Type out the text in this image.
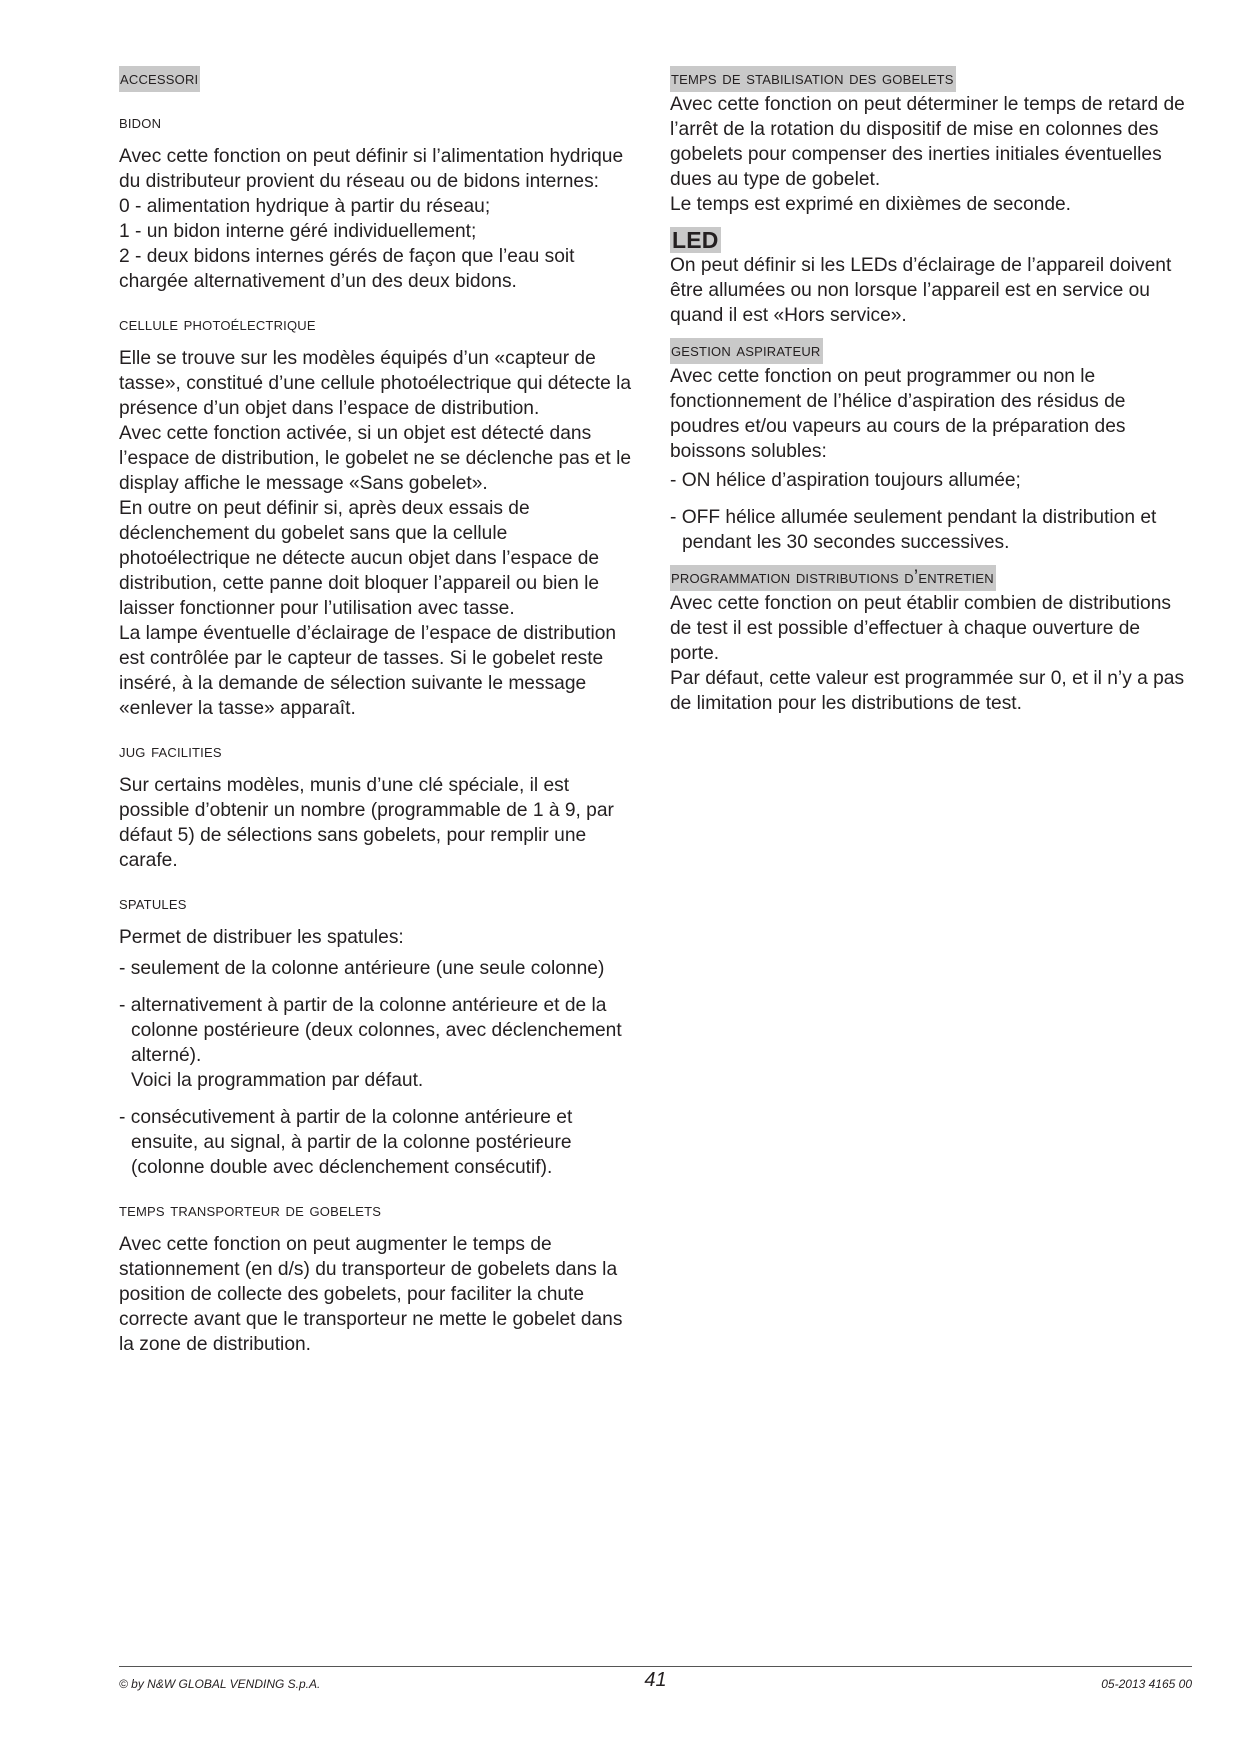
accessori
bidon

Avec cette fonction on peut définir si l’alimentation hydrique du distributeur provient du réseau ou de bidons internes:

0 - alimentation hydrique à partir du réseau;

1 - un bidon interne géré individuellement;

2 - deux bidons internes gérés de façon que l’eau soit chargée alternativement d’un des deux bidons.

cellule photoélectrique

Elle se trouve sur les modèles équipés d’un «capteur de tasse», constitué d’une cellule photoélectrique qui détecte la présence d’un objet dans l’espace de distribution.

Avec cette fonction activée, si un objet est détecté dans l’espace de distribution, le gobelet ne se déclenche pas et le display affiche le message «Sans gobelet».

En outre on peut définir si, après deux essais de déclenchement du gobelet sans que la cellule photoélectrique ne détecte aucun objet dans l’espace de distribution, cette panne doit bloquer l’appareil ou bien le laisser fonctionner pour l’utilisation avec tasse.

La lampe éventuelle d’éclairage de l’espace de distribution est contrôlée par le capteur de tasses. Si le gobelet reste inséré, à la demande de sélection suivante le message «enlever la tasse» apparaît.

jug facilities

Sur certains modèles, munis d’une clé spéciale, il est possible d’obtenir un nombre (programmable de 1 à 9, par défaut 5) de sélections sans gobelets, pour remplir une carafe.

spatules

Permet de distribuer les spatules:

- seulement de la colonne antérieure (une seule colonne)

- alternativement à partir de la colonne antérieure et de la colonne postérieure (deux colonnes, avec déclenchement alterné).

Voici la programmation par défaut.

- consécutivement à partir de la colonne antérieure et ensuite, au signal, à partir de la colonne postérieure (colonne double avec déclenchement consécutif).

temps transporteur de gobelets

Avec cette fonction on peut augmenter le temps de stationnement (en d/s) du transporteur de gobelets dans la position de collecte des gobelets, pour faciliter la chute correcte avant que le transporteur ne mette le gobelet dans la zone de distribution.

temps de stabilisation des gobelets

Avec cette fonction on peut déterminer le temps de retard de l’arrêt de la rotation du dispositif de mise en colonnes des gobelets pour compenser des inerties initiales éventuelles dues au type de gobelet.

Le temps est exprimé en dixièmes de seconde.

LED

On peut définir si les LEDs d’éclairage de l’appareil doivent être allumées ou non lorsque l’appareil est en service ou quand il est «Hors service».

gestion aspirateur

Avec cette fonction on peut programmer ou non le fonctionnement de l’hélice d’aspiration des résidus de poudres et/ou vapeurs au cours de la préparation des boissons solubles:

- ON hélice d’aspiration toujours allumée;

- OFF hélice allumée seulement pendant la distribution et pendant les 30 secondes successives.

programmation distributions d’entretien

Avec cette fonction on peut établir combien de distributions de test il est possible d’effectuer à chaque ouverture de porte.

Par défaut, cette valeur est programmée sur 0, et il n’y a pas de limitation pour les distributions de test.

© by N&W GLOBAL VENDING S.p.A.	41	05-2013 4165 00
